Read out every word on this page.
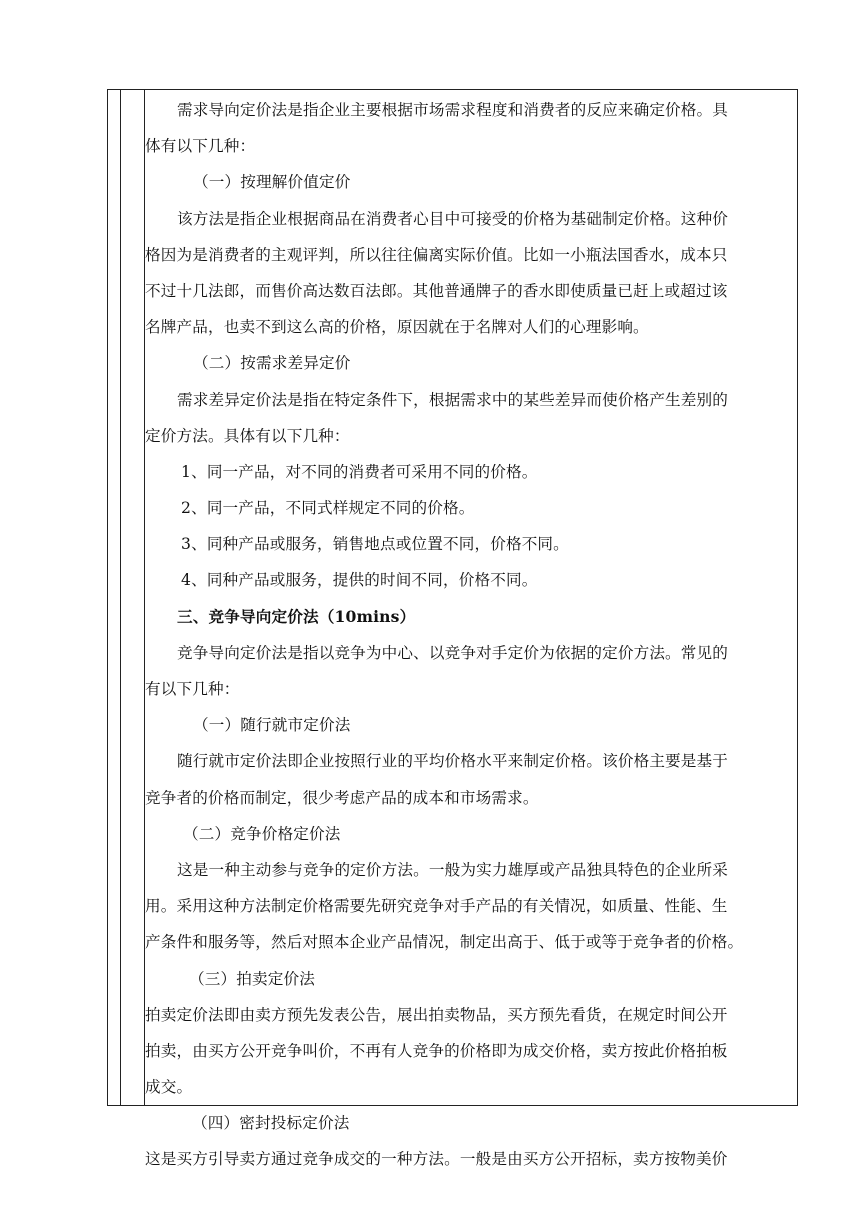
需求导向定价法是指企业主要根据市场需求程度和消费者的反应来确定价格。具
体有以下几种：
（一）按理解价值定价
该方法是指企业根据商品在消费者心目中可接受的价格为基础制定价格。这种价
格因为是消费者的主观评判，所以往往偏离实际价值。比如一小瓶法国香水，成本只
不过十几法郎，而售价高达数百法郎。其他普通牌子的香水即使质量已赶上或超过该
名牌产品，也卖不到这么高的价格，原因就在于名牌对人们的心理影响。
（二）按需求差异定价
需求差异定价法是指在特定条件下，根据需求中的某些差异而使价格产生差别的
定价方法。具体有以下几种：
1、同一产品，对不同的消费者可采用不同的价格。
2、同一产品，不同式样规定不同的价格。
3、同种产品或服务，销售地点或位置不同，价格不同。
4、同种产品或服务，提供的时间不同，价格不同。
三、竞争导向定价法（10mins）
竞争导向定价法是指以竞争为中心、以竞争对手定价为依据的定价方法。常见的
有以下几种：
（一）随行就市定价法
随行就市定价法即企业按照行业的平均价格水平来制定价格。该价格主要是基于
竞争者的价格而制定，很少考虑产品的成本和市场需求。
（二）竞争价格定价法
这是一种主动参与竞争的定价方法。一般为实力雄厚或产品独具特色的企业所采
用。采用这种方法制定价格需要先研究竞争对手产品的有关情况，如质量、性能、生
产条件和服务等，然后对照本企业产品情况，制定出高于、低于或等于竞争者的价格。
（三）拍卖定价法
拍卖定价法即由卖方预先发表公告，展出拍卖物品，买方预先看货，在规定时间公开
拍卖，由买方公开竞争叫价，不再有人竞争的价格即为成交价格，卖方按此价格拍板
成交。
（四）密封投标定价法
这是买方引导卖方通过竞争成交的一种方法。一般是由买方公开招标，卖方按物美价
